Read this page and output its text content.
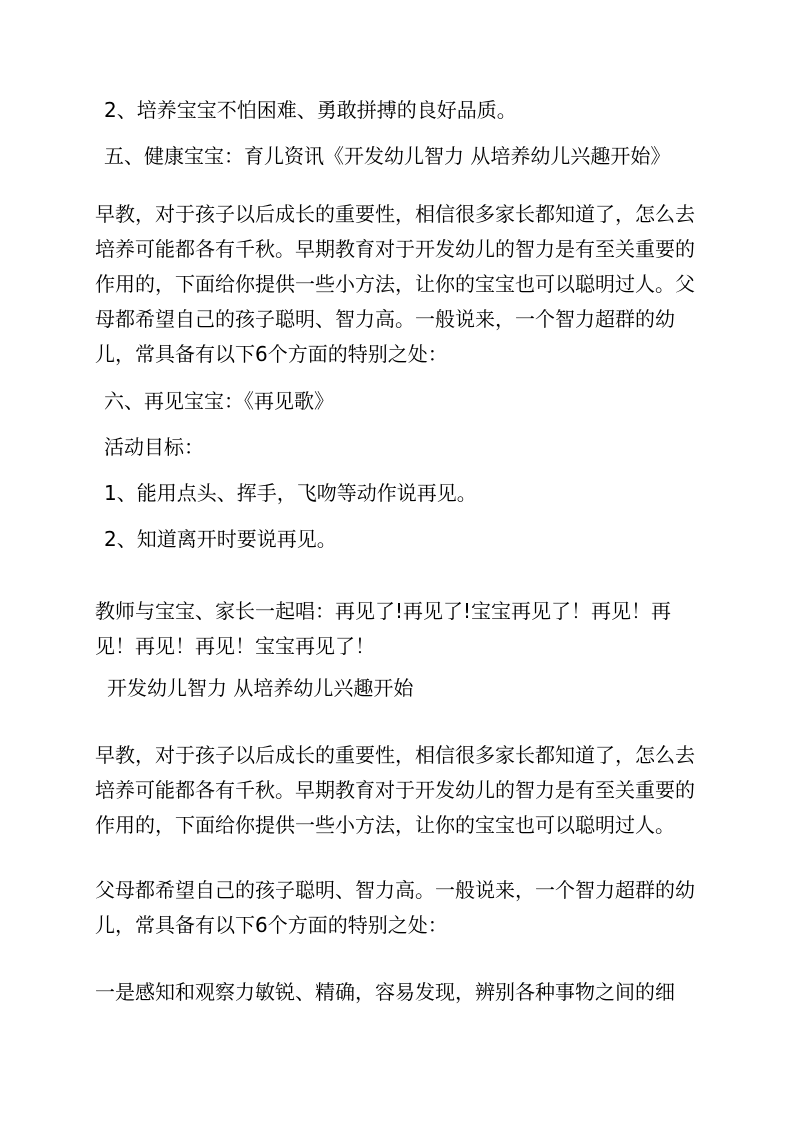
2、培养宝宝不怕困难、勇敢拼搏的良好品质。
五、健康宝宝：育儿资讯《开发幼儿智力 从培养幼儿兴趣开始》
早教，对于孩子以后成长的重要性，相信很多家长都知道了，怎么去培养可能都各有千秋。早期教育对于开发幼儿的智力是有至关重要的作用的，下面给你提供一些小方法，让你的宝宝也可以聪明过人。父母都希望自己的孩子聪明、智力高。一般说来，一个智力超群的幼儿，常具备有以下6个方面的特别之处：
六、再见宝宝：《再见歌》
活动目标：
1、能用点头、挥手，飞吻等动作说再见。
2、知道离开时要说再见。
教师与宝宝、家长一起唱：再见了!再见了!宝宝再见了！再见！再见！再见！再见！宝宝再见了！
开发幼儿智力 从培养幼儿兴趣开始
早教，对于孩子以后成长的重要性，相信很多家长都知道了，怎么去培养可能都各有千秋。早期教育对于开发幼儿的智力是有至关重要的作用的，下面给你提供一些小方法，让你的宝宝也可以聪明过人。
父母都希望自己的孩子聪明、智力高。一般说来，一个智力超群的幼儿，常具备有以下6个方面的特别之处：
一是感知和观察力敏锐、精确，容易发现，辨别各种事物之间的细
